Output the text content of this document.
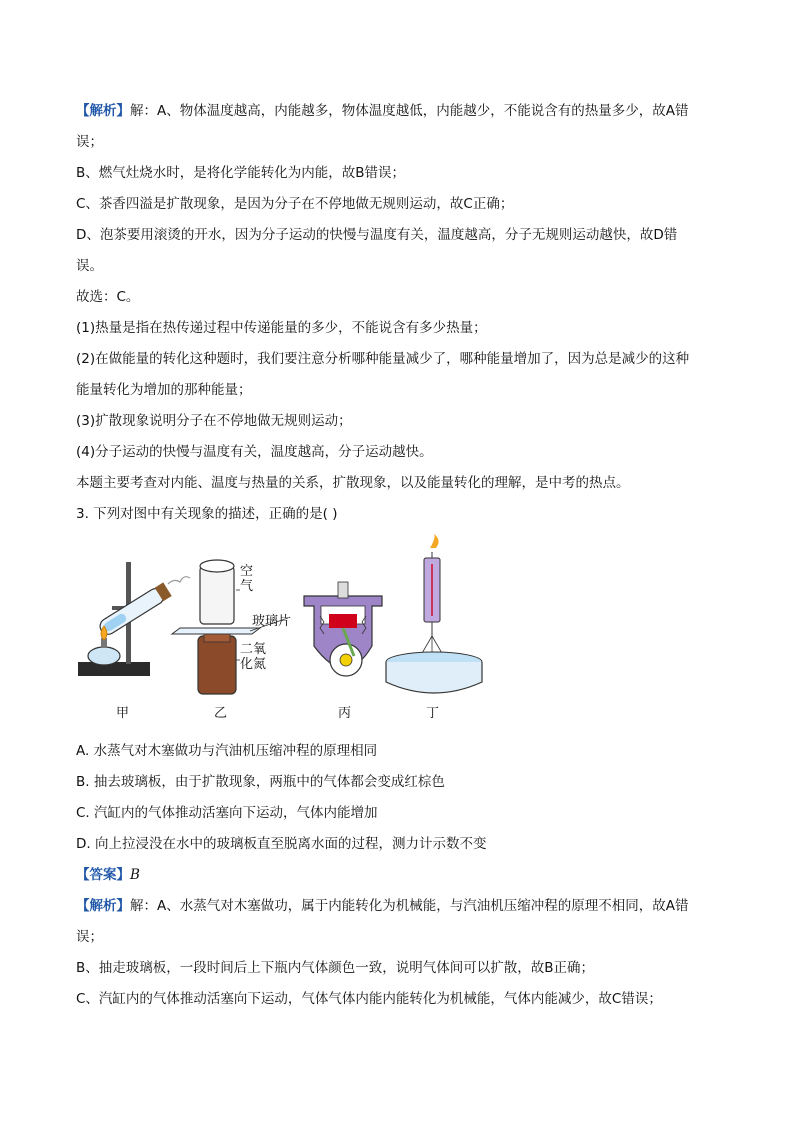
【解析】解：A、物体温度越高，内能越多，物体温度越低，内能越少，不能说含有的热量多少，故A错
误；
B、燃气灶烧水时，是将化学能转化为内能，故B错误；
C、茶香四溢是扩散现象，是因为分子在不停地做无规则运动，故C正确；
D、泡茶要用滚烫的开水，因为分子运动的快慢与温度有关，温度越高，分子无规则运动越快，故D错
误。
故选：C。
(1)热量是指在热传递过程中传递能量的多少，不能说含有多少热量；
(2)在做能量的转化这种题时，我们要注意分析哪种能量减少了，哪种能量增加了，因为总是减少的这种
能量转化为增加的那种能量；
(3)扩散现象说明分子在不停地做无规则运动；
(4)分子运动的快慢与温度有关，温度越高，分子运动越快。
本题主要考查对内能、温度与热量的关系，扩散现象，以及能量转化的理解，是中考的热点。
3. 下列对图中有关现象的描述，正确的是( )
空
气
玻璃片
二氧
化氮
甲	乙	丙	丁
A. 水蒸气对木塞做功与汽油机压缩冲程的原理相同
B. 抽去玻璃板，由于扩散现象，两瓶中的气体都会变成红棕色
C. 汽缸内的气体推动活塞向下运动，气体内能增加
D. 向上拉浸没在水中的玻璃板直至脱离水面的过程，测力计示数不变
【答案】B
【解析】解：A、水蒸气对木塞做功，属于内能转化为机械能，与汽油机压缩冲程的原理不相同，故A错
误；
B、抽走玻璃板，一段时间后上下瓶内气体颜色一致，说明气体间可以扩散，故B正确；
C、汽缸内的气体推动活塞向下运动，气体气体内能内能转化为机械能，气体内能减少，故C错误；
